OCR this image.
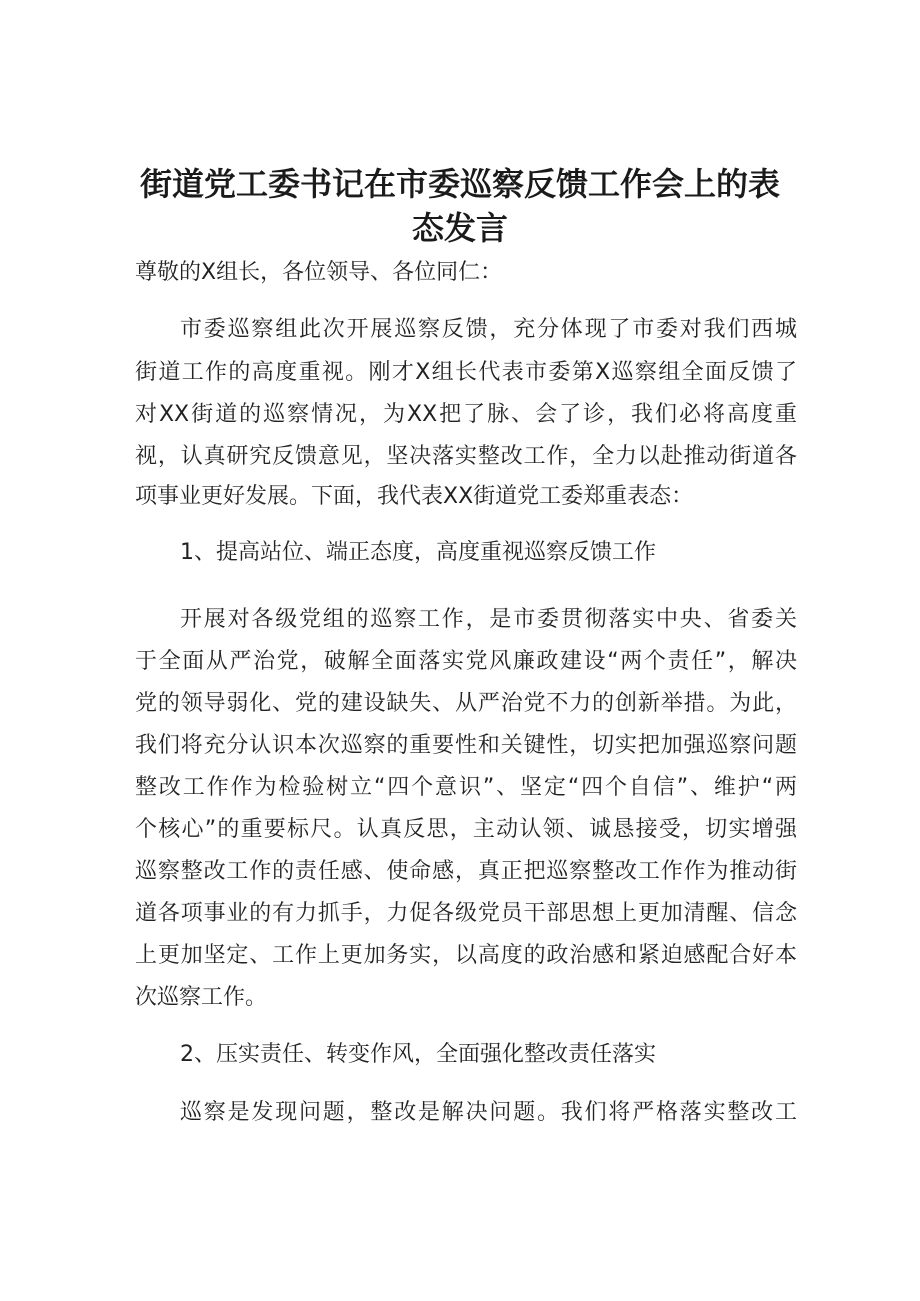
街道党工委书记在市委巡察反馈工作会上的表
态发言

尊敬的X组长，各位领导、各位同仁：

市委巡察组此次开展巡察反馈，充分体现了市委对我们西城

街道工作的高度重视。刚才X组长代表市委第X巡察组全面反馈了

对XX街道的巡察情况，为XX把了脉、会了诊，我们必将高度重

视，认真研究反馈意见，坚决落实整改工作，全力以赴推动街道各

项事业更好发展。下面，我代表XX街道党工委郑重表态：

1、提高站位、端正态度，高度重视巡察反馈工作

开展对各级党组的巡察工作，是市委贯彻落实中央、省委关

于全面从严治党，破解全面落实党风廉政建设“两个责任”，解决

党的领导弱化、党的建设缺失、从严治党不力的创新举措。为此，

我们将充分认识本次巡察的重要性和关键性，切实把加强巡察问题

整改工作作为检验树立“四个意识”、坚定“四个自信”、维护“两

个核心”的重要标尺。认真反思，主动认领、诚恳接受，切实增强

巡察整改工作的责任感、使命感，真正把巡察整改工作作为推动街

道各项事业的有力抓手，力促各级党员干部思想上更加清醒、信念

上更加坚定、工作上更加务实，以高度的政治感和紧迫感配合好本

次巡察工作。

2、压实责任、转变作风，全面强化整改责任落实

巡察是发现问题，整改是解决问题。我们将严格落实整改工
